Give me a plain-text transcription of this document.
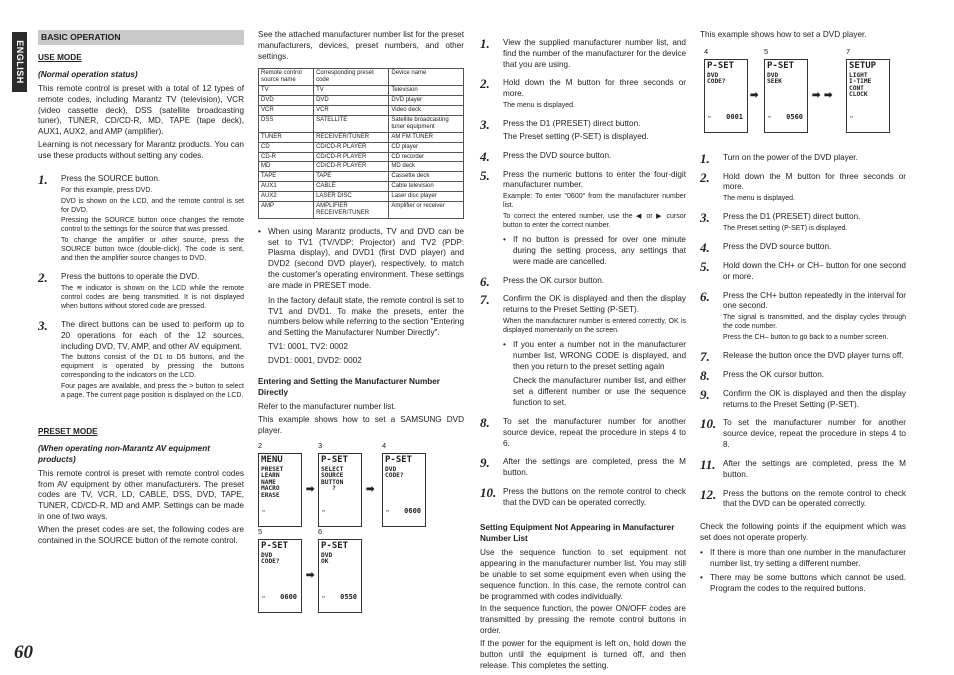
ENGLISH
60
BASIC OPERATION
USE MODE
(Normal operation status)

This remote control is preset with a total of 12 types of remote codes, including Marantz TV (television), VCR (video cassette deck), DSS (satellite broadcasting tuner), TUNER, CD/CD-R, MD, TAPE (tape deck), AUX1, AUX2, and AMP (amplifier).

Learning is not necessary for Marantz products. You can use these products without setting any codes.

1. Press the SOURCE button.

For this example, press DVD.

DVD is shown on the LCD, and the remote control is set for DVD.

Pressing the SOURCE button once changes the remote control to the settings for the source that was pressed.

To change the amplifier or other source, press the SOURCE button twice (double-click). The code is sent, and then the amplifier source changes to DVD.

2. Press the buttons to operate the DVD.

The ≋ indicator is shown on the LCD while the remote control codes are being transmitted. It is not displayed when buttons without stored code are pressed.

3. The direct buttons can be used to perform up to 20 operations for each of the 12 sources, including DVD, TV, AMP, and other AV equipment.

The buttons consist of the D1 to D5 buttons, and the equipment is operated by pressing the buttons corresponding to the indicators on the LCD.

Four pages are available, and press the > button to select a page. The current page position is displayed on the LCD.

PRESET MODE
(When operating non-Marantz AV equipment products)

This remote control is preset with remote control codes from AV equipment by other manufacturers. The preset codes are TV, VCR, LD, CABLE, DSS, DVD, TAPE, TUNER, CD/CD-R, MD and AMP. Settings can be made in one of two ways.

When the preset codes are set, the following codes are contained in the SOURCE button of the remote control.

See the attached manufacturer number list for the preset manufacturers, devices, preset numbers, and other settings.

Remote control source name	Corresponding preset code	Device name
TV	TV	Television
DVD	DVD	DVD player
VCR	VCR	Video deck
DSS	SATELLITE	Satellite broadcasting tuner equipment
TUNER	RECEIVER/TUNER	AM FM TUNER
CD	CD/CD-R PLAYER	CD player
CD-R	CD/CD-R PLAYER	CD recorder
MD	CD/CD-R PLAYER	MD deck
TAPE	TAPE	Cassette deck
AUX1	CABLE	Cable television
AUX2	LASER DISC	Laser disc player
AMP	AMPLIFIER RECEIVER/TUNER	Amplifier or receiver
• When using Marantz products, TV and DVD can be set to TV1 (TV/VDP: Projector) and TV2 (PDP: Plasma display), and DVD1 (first DVD player) and DVD2 (second DVD player), respectively, to match the customer's operating environment. These settings are made in PRESET mode.
In the factory default state, the remote control is set to TV1 and DVD1. To make the presets, enter the numbers below while referring to the section "Entering and Setting the Manufacturer Number Directly".
TV1: 0001, TV2: 0002
DVD1: 0001, DVD2: 0002
Entering and Setting the Manufacturer Number Directly

Refer to the manufacturer number list.

This example shows how to set a SAMSUNG DVD player.

2
MENU
PRESET
LEARN
NAME
MACRO
ERASE
▭
➡
3
P-SET
SELECT
SOURCE
BUTTON
?
▭
➡
4
P-SET
DVD
CODE?
0600
▭
5
P-SET
DVD
CODE?
0600
▭
➡
6
P-SET
DVD
OK
0550
▭
1. View the supplied manufacturer number list, and find the number of the manufacturer for the device that you are using.

2. Hold down the M button for three seconds or more.

The menu is displayed.

3. Press the D1 (PRESET) direct button.

The Preset setting (P-SET) is displayed.

4. Press the DVD source button.

5. Press the numeric buttons to enter the four-digit manufacturer number.

Example: To enter "0600" from the manufacturer number list.

To correct the entered number, use the ◀ or ▶ cursor button to enter the correct number.

• If no button is pressed for over one minute during the setting process, any settings that were made are cancelled.
6. Press the OK cursor button.

7. Confirm the OK is displayed and then the display returns to the Preset Setting (P-SET).

When the manufacturer number is entered correctly, OK is displayed momentarily on the screen.

• If you enter a number not in the manufacturer number list, WRONG CODE is displayed, and then you return to the preset setting again
Check the manufacturer number list, and either set a different number or use the sequence function to set.
8. To set the manufacturer number for another source device, repeat the procedure in steps 4 to 6.

9. After the settings are completed, press the M button.

10. Press the buttons on the remote control to check that the DVD can be operated correctly.

Setting Equipment Not Appearing in Manufacturer Number List

Use the sequence function to set equipment not appearing in the manufacturer number list. You may still be unable to set some equipment even when using the sequence function. In this case, the remote control can be programmed with codes individually.

In the sequence function, the power ON/OFF codes are transmitted by pressing the remote control buttons in order.

If the power for the equipment is left on, hold down the button until the equipment is turned off, and then release. This completes the setting.

This example shows how to set a DVD player.

4
P-SET
DVD
CODE?
0001
▭
➡
5
P-SET
DVD
SEEK
0560
▭
➡ ➡
7
SETUP
LIGHT
I-TIME
CONT
CLOCK
▭
1. Turn on the power of the DVD player.

2. Hold down the M button for three seconds or more.

The menu is displayed.

3. Press the D1 (PRESET) direct button.

The Preset setting (P-SET) is displayed.

4. Press the DVD source button.

5. Hold down the CH+ or CH– button for one second or more.

6. Press the CH+ button repeatedly in the interval for one second.

The signal is transmitted, and the display cycles through the code number.

Press the CH– button to go back to a number screen.

7. Release the button once the DVD player turns off.

8. Press the OK cursor button.

9. Confirm the OK is displayed and then the display returns to the Preset Setting (P-SET).

10. To set the manufacturer number for another source device, repeat the procedure in steps 4 to 8.

11. After the settings are completed, press the M button.

12. Press the buttons on the remote control to check that the DVD can be operated correctly.

Check the following points if the equipment which was set does not operate properly.

• If there is more than one number in the manufacturer number list, try setting a different number.
• There may be some buttons which cannot be used. Program the codes to the required buttons.
